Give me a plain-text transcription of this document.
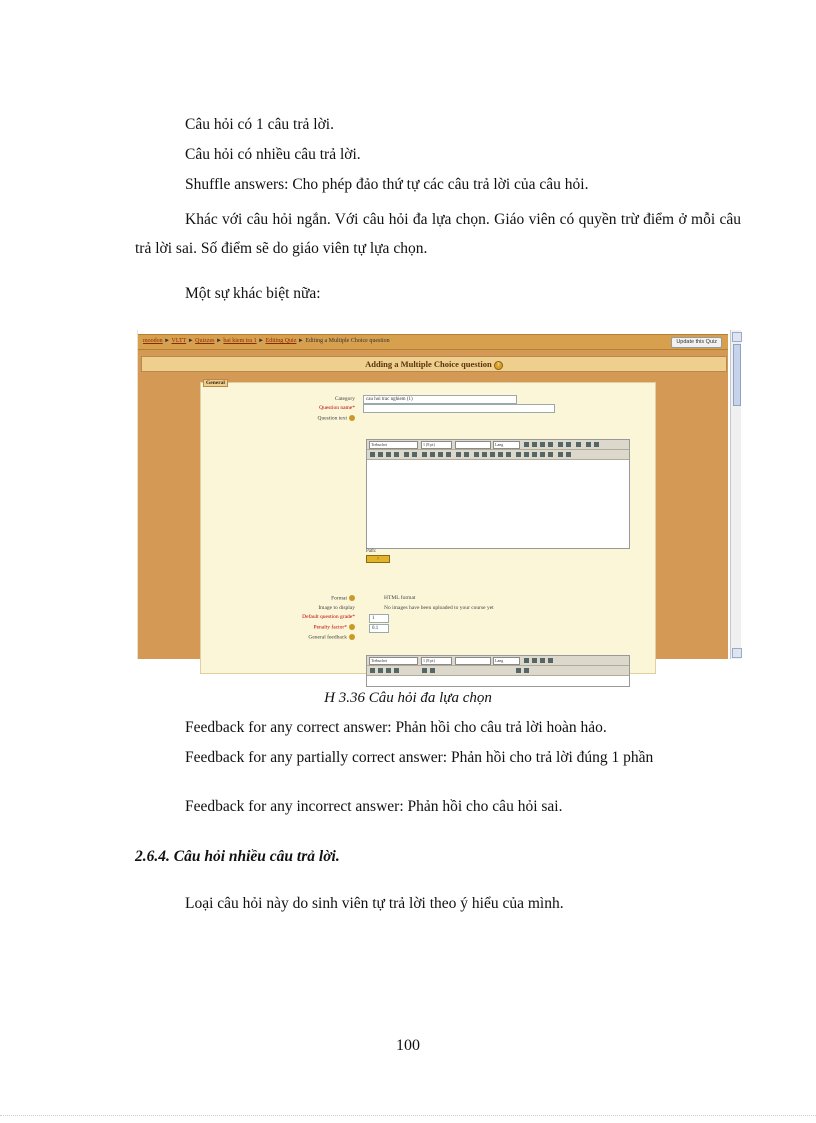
Câu hỏi có 1 câu trả lời.
Câu hỏi có nhiều câu trả lời.
Shuffle answers: Cho phép đảo thứ tự các câu trả lời của câu hỏi.
Khác với câu hỏi ngắn. Với câu hỏi đa lựa chọn. Giáo viên có quyền trừ điểm ở mỗi câu trả lời sai. Số điểm sẽ do giáo viên tự lựa chọn.
Một sự khác biệt nữa:
moodon ► VLTT ► Quizzes ► bai kiem tra 1 ► Editing Quiz ► Editing a Multiple Choice question	Update this Quiz
Adding a Multiple Choice question ?
General
Category	cau hoi trac nghiem (1)
Question name*
Question text
Trebuchet	1 (8 pt)	Lang
Path:
?
Format	HTML format
Image to display	No images have been uploaded to your course yet
Default question grade*	1
Penalty factor*	0.1
General feedback
Trebuchet	1 (8 pt)	Lang
H 3.36 Câu hỏi đa lựa chọn
Feedback for any correct answer: Phản hồi cho câu trả lời hoàn hảo.
Feedback for any partially correct answer: Phản hồi cho trả lời đúng 1 phần
Feedback for any incorrect answer: Phản hồi cho câu hỏi sai.
2.6.4. Câu hỏi nhiều câu trả lời.
Loại câu hỏi này do sinh viên tự trả lời theo ý hiểu của mình.
100
